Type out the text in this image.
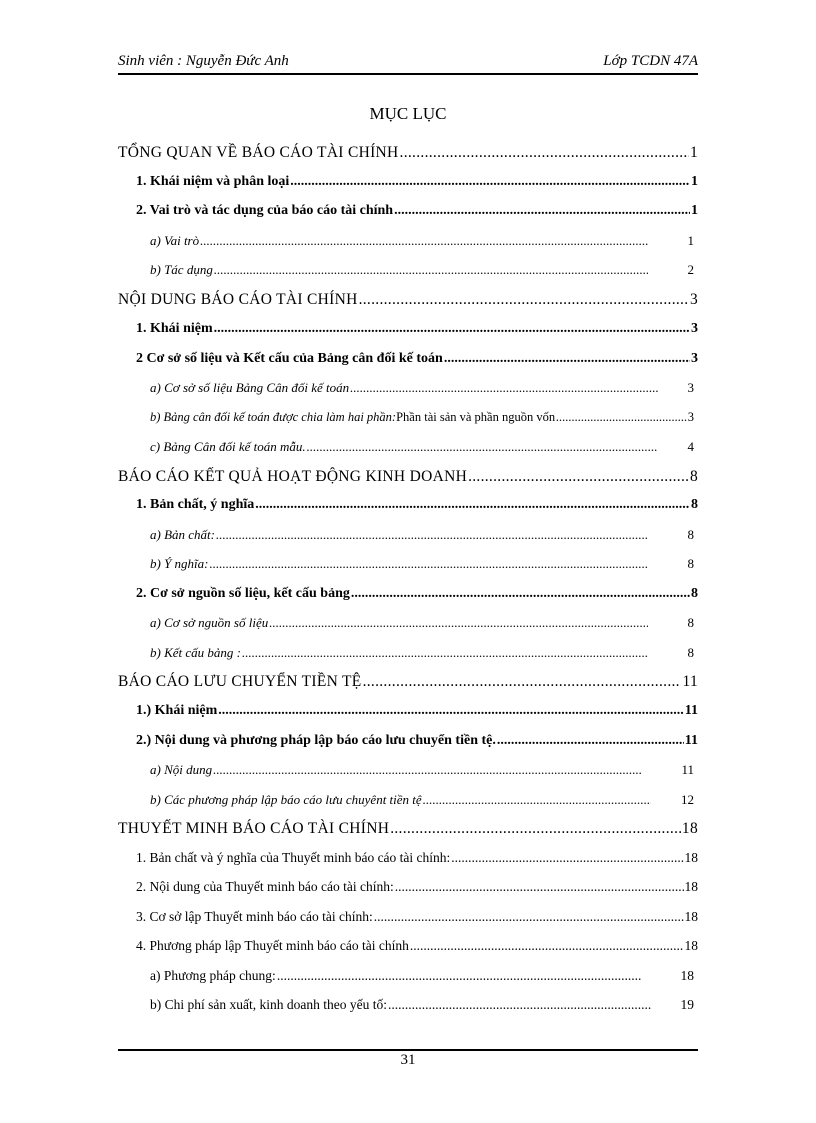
Sinh viên : Nguyễn Đức Anh	Lớp TCDN 47A
MỤC LỤC
TỔNG QUAN VỀ BÁO CÁO TÀI CHÍNH .....	1
1. Khái niệm và phân loại .....	1
2. Vai trò và tác dụng của báo cáo tài chính .....	1
a) Vai trò .....	1
b) Tác dụng .....	2
NỘI DUNG BÁO CÁO TÀI CHÍNH .....	3
1. Khái niệm .....	3
2 Cơ sở số liệu và Kết cấu của Bảng cân đối kế toán .....	3
a) Cơ sở số liệu Bảng Cân đối kế toán .....	3
b) Bảng cân đối kế toán được chia làm hai phần: Phần tài sản và phần nguồn vốn .....	3
c) Bảng Cân đối kế toán mẫu. .....	4
BÁO CÁO KẾT QUẢ HOẠT ĐỘNG KINH DOANH .....	8
1. Bản chất, ý nghĩa .....	8
a) Bản chất: .....	8
b) Ý nghĩa: .....	8
2. Cơ sở nguồn số liệu, kết cấu bảng .....	8
a) Cơ sở nguồn số liệu .....	8
b) Kết cấu bảng : .....	8
BÁO CÁO LƯU CHUYỂN TIỀN TỆ .....	11
1.) Khái niệm .....	11
2.) Nội dung và phương pháp lập báo cáo lưu chuyển tiền tệ. .....	11
a) Nội dung .....	11
b) Các phương pháp lập báo cáo lưu chuyênt tiền tệ .....	12
THUYẾT MINH BÁO CÁO TÀI CHÍNH .....	18
1. Bản chất và ý nghĩa của Thuyết minh báo cáo tài chính: .....	18
2. Nội dung của Thuyết minh báo cáo tài chính: .....	18
3. Cơ sở lập Thuyết minh báo cáo tài chính: .....	18
4. Phương pháp lập Thuyết minh báo cáo tài chính .....	18
a) Phương pháp chung: .....	18
b) Chi phí sản xuất, kinh doanh theo yếu tố: .....	19
31
